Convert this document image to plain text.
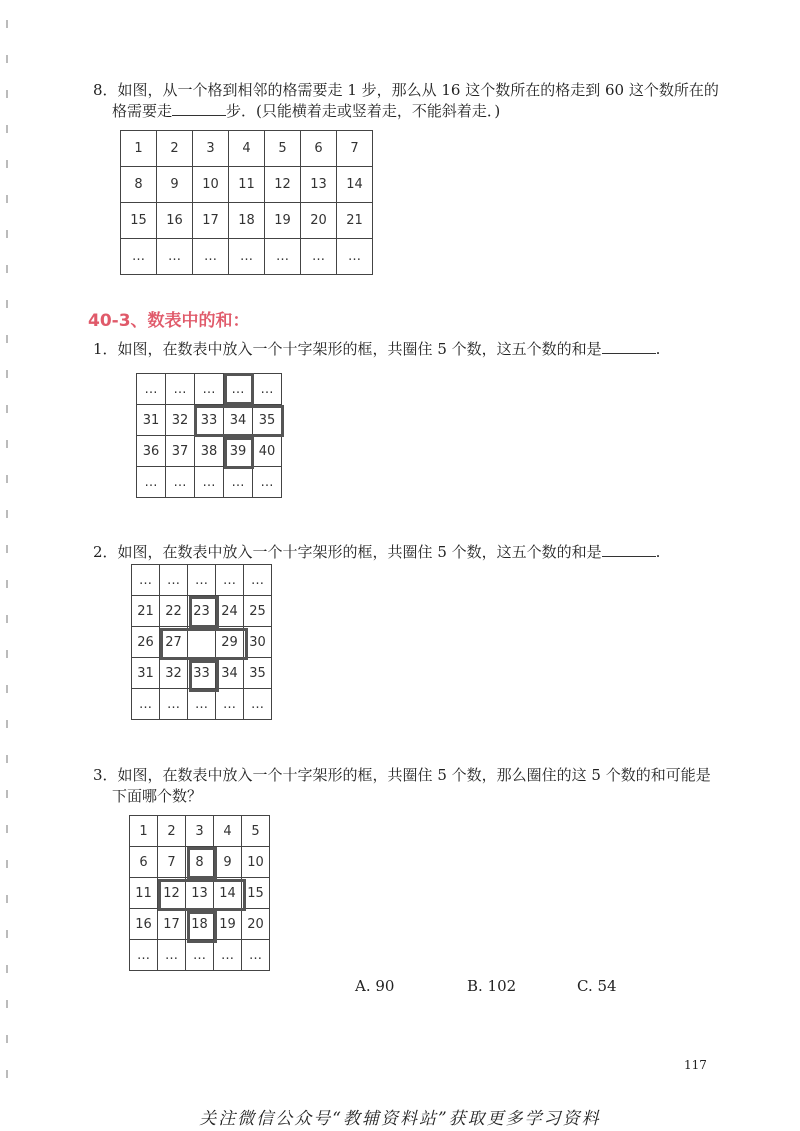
8．如图，从一个格到相邻的格需要走 1 步，那么从 16 这个数所在的格走到 60 这个数所在的
格需要走	步．(只能横着走或竖着走，不能斜着走．)
1	2	3	4	5	6	7
8	9	10	11	12	13	14
15	16	17	18	19	20	21
…	…	…	…	…	…	…
40-3、数表中的和：
1．如图，在数表中放入一个十字架形的框，共圈住 5 个数，这五个数的和是	.
…	…	…	…	…
31	32	33	34	35
36	37	38	39	40
…	…	…	…	…
2．如图，在数表中放入一个十字架形的框，共圈住 5 个数，这五个数的和是	.
…	…	…	…	…
21	22	23	24	25
26	27		29	30
31	32	33	34	35
…	…	…	…	…
3．如图，在数表中放入一个十字架形的框，共圈住 5 个数，那么圈住的这 5 个数的和可能是
下面哪个数？
1	2	3	4	5
6	7	8	9	10
11	12	13	14	15
16	17	18	19	20
…	…	…	…	…
A. 90	B. 102	C. 54
117
关注微信公众号“教辅资料站”获取更多学习资料
